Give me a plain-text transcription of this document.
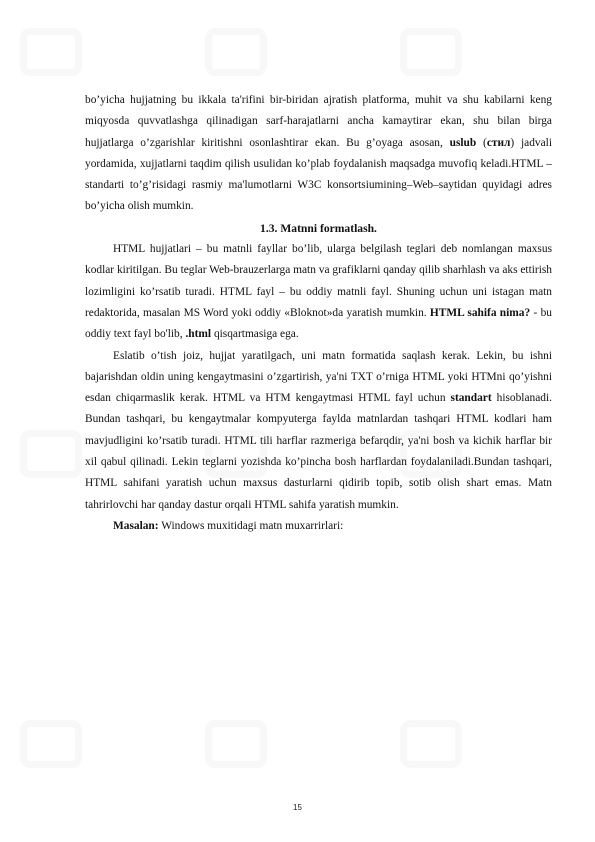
bo’yicha hujjatning bu ikkala ta'rifini bir-biridan ajratish platforma, muhit va shu kabilarni keng miqyosda quvvatlashga qilinadigan sarf-harajatlarni ancha kamaytirar ekan, shu bilan birga hujjatlarga o’zgarishlar kiritishni osonlashtirar ekan. Bu g’oyaga asosan, uslub (стил) jadvali yordamida, xujjatlarni taqdim qilish usulidan ko’plab foydalanish maqsadga muvofiq keladi.HTML – standarti to’g’risidagi rasmiy ma'lumotlarni W3C konsortsiumining–Web–saytidan quyidagi adres bo’yicha olish mumkin.

1.3. Matnni formatlash.

HTML hujjatlari – bu matnli fayllar bo’lib, ularga belgilash teglari deb nomlangan maxsus kodlar kiritilgan. Bu teglar Web-brauzerlarga matn va grafiklarni qanday qilib sharhlash va aks ettirish lozimligini ko’rsatib turadi. HTML fayl – bu oddiy matnli fayl. Shuning uchun uni istagan matn redaktorida, masalan MS Word yoki oddiy «Bloknot»da yaratish mumkin. HTML sahifa nima? - bu oddiy text fayl bo'lib, .html qisqartmasiga ega.

Eslatib o’tish joiz, hujjat yaratilgach, uni matn formatida saqlash kerak. Lekin, bu ishni bajarishdan oldin uning kengaytmasini o’zgartirish, ya'ni TXT o’rniga HTML yoki HTMni qo’yishni esdan chiqarmaslik kerak. HTML va HTM kengaytmasi HTML fayl uchun standart hisoblanadi. Bundan tashqari, bu kengaytmalar kompyuterga faylda matnlardan tashqari HTML kodlari ham mavjudligini ko’rsatib turadi. HTML tili harflar razmeriga befarqdir, ya'ni bosh va kichik harflar bir xil qabul qilinadi. Lekin teglarni yozishda ko’pincha bosh harflardan foydalaniladi.Bundan tashqari, HTML sahifani yaratish uchun maxsus dasturlarni qidirib topib, sotib olish shart emas. Matn tahrirlovchi har qanday dastur orqali HTML sahifa yaratish mumkin.

Masalan: Windows muxitidagi matn muxarrirlari:

15
